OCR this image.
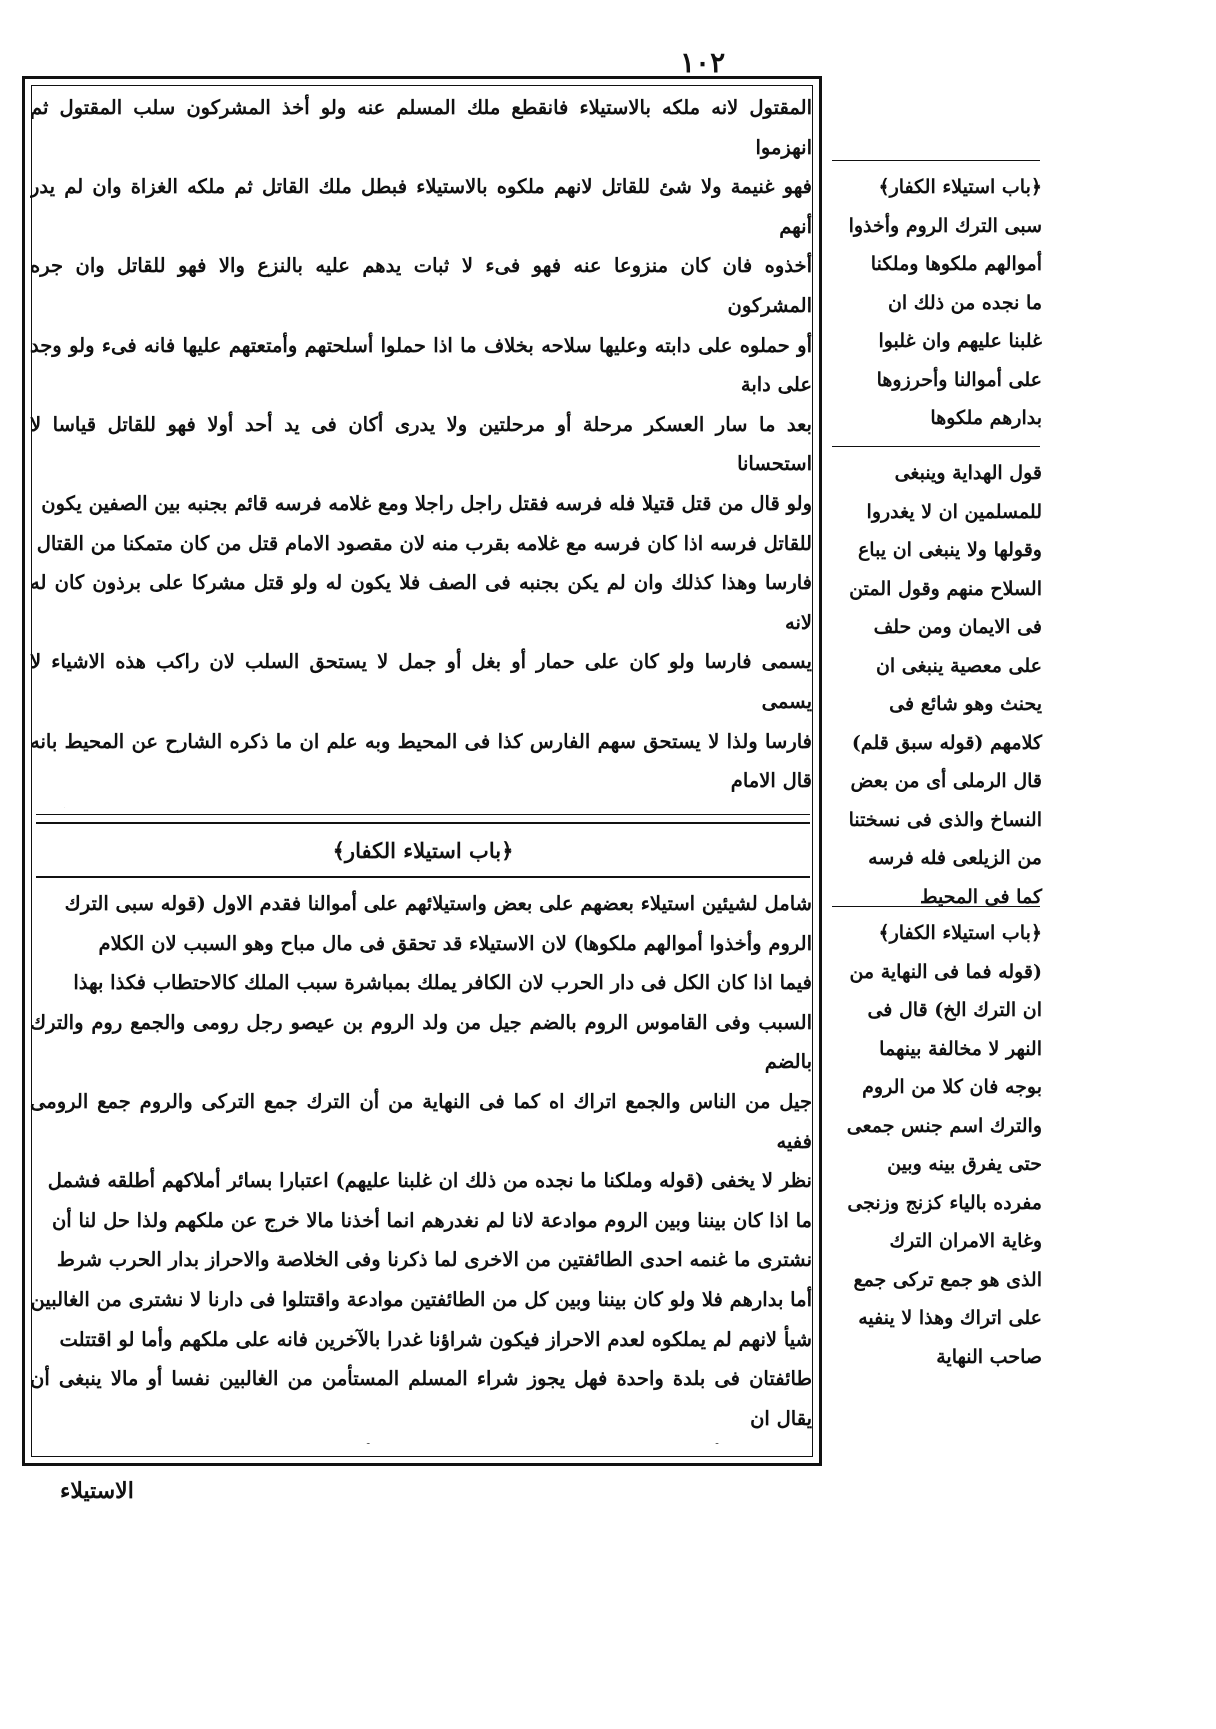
١٠٢

المقتول لانه ملكه بالاستيلاء فانقطع ملك المسلم عنه ولو أخذ المشركون سلب المقتول ثم انهزموا

فهو غنيمة ولا شئ للقاتل لانهم ملكوه بالاستيلاء فبطل ملك القاتل ثم ملكه الغزاة وان لم يدر أنهم

أخذوه فان كان منزوعا عنه فهو فىء لا ثبات يدهم عليه بالنزع والا فهو للقاتل وان جره المشركون

أو حملوه على دابته وعليها سلاحه بخلاف ما اذا حملوا أسلحتهم وأمتعتهم عليها فانه فىء ولو وجد على دابة

بعد ما سار العسكر مرحلة أو مرحلتين ولا يدرى أكان فى يد أحد أولا فهو للقاتل قياسا لا استحسانا

ولو قال من قتل قتيلا فله فرسه فقتل راجل راجلا ومع غلامه فرسه قائم بجنبه بين الصفين يكون

للقاتل فرسه اذا كان فرسه مع غلامه بقرب منه لان مقصود الامام قتل من كان متمكنا من القتال

فارسا وهذا كذلك وان لم يكن بجنبه فى الصف فلا يكون له ولو قتل مشركا على برذون كان له لانه

يسمى فارسا ولو كان على حمار أو بغل أو جمل لا يستحق السلب لان راكب هذه الاشياء لا يسمى

فارسا ولذا لا يستحق سهم الفارس كذا فى المحيط وبه علم ان ما ذكره الشارح عن المحيط بانه قال الامام

﴿باب استيلاء الكفار﴾

شامل لشيئين استيلاء بعضهم على بعض واستيلائهم على أموالنا فقدم الاول (قوله سبى الترك

الروم وأخذوا أموالهم ملكوها) لان الاستيلاء قد تحقق فى مال مباح وهو السبب لان الكلام

فيما اذا كان الكل فى دار الحرب لان الكافر يملك بمباشرة سبب الملك كالاحتطاب فكذا بهذا

السبب وفى القاموس الروم بالضم جيل من ولد الروم بن عيصو رجل رومى والجمع روم والترك بالضم

جيل من الناس والجمع اتراك اه كما فى النهاية من أن الترك جمع التركى والروم جمع الرومى ففيه

نظر لا يخفى (قوله وملكنا ما نجده من ذلك ان غلبنا عليهم) اعتبارا بسائر أملاكهم أطلقه فشمل

ما اذا كان بيننا وبين الروم موادعة لانا لم نغدرهم انما أخذنا مالا خرج عن ملكهم ولذا حل لنا أن

نشترى ما غنمه احدى الطائفتين من الاخرى لما ذكرنا وفى الخلاصة والاحراز بدار الحرب شرط

أما بدارهم فلا ولو كان بيننا وبين كل من الطائفتين موادعة واقتتلوا فى دارنا لا نشترى من الغالبين

شيأ لانهم لم يملكوه لعدم الاحراز فيكون شراؤنا غدرا بالآخرين فانه على ملكهم وأما لو اقتتلت

طائفتان فى بلدة واحدة فهل يجوز شراء المسلم المستأمن من الغالبين نفسا أو مالا ينبغى أن يقال ان

الاستيلاء

﴿باب استيلاء الكفار﴾

سبى الترك الروم وأخذوا

أموالهم ملكوها وملكنا

ما نجده من ذلك ان

غلبنا عليهم وان غلبوا

على أموالنا وأحرزوها

بدارهم ملكوها

قول الهداية وينبغى

للمسلمين ان لا يغدروا

وقولها ولا ينبغى ان يباع

السلاح منهم وقول المتن

فى الايمان ومن حلف

على معصية ينبغى ان

يحنث وهو شائع فى

كلامهم (قوله سبق قلم)

قال الرملى أى من بعض

النساخ والذى فى نسختنا

من الزيلعى فله فرسه

كما فى المحيط

﴿باب استيلاء الكفار﴾

(قوله فما فى النهاية من

ان الترك الخ) قال فى

النهر لا مخالفة بينهما

بوجه فان كلا من الروم

والترك اسم جنس جمعى

حتى يفرق بينه وبين

مفرده بالياء كزنج وزنجى

وغاية الامران الترك

الذى هو جمع تركى جمع

على اتراك وهذا لا ينفيه

صاحب النهاية
